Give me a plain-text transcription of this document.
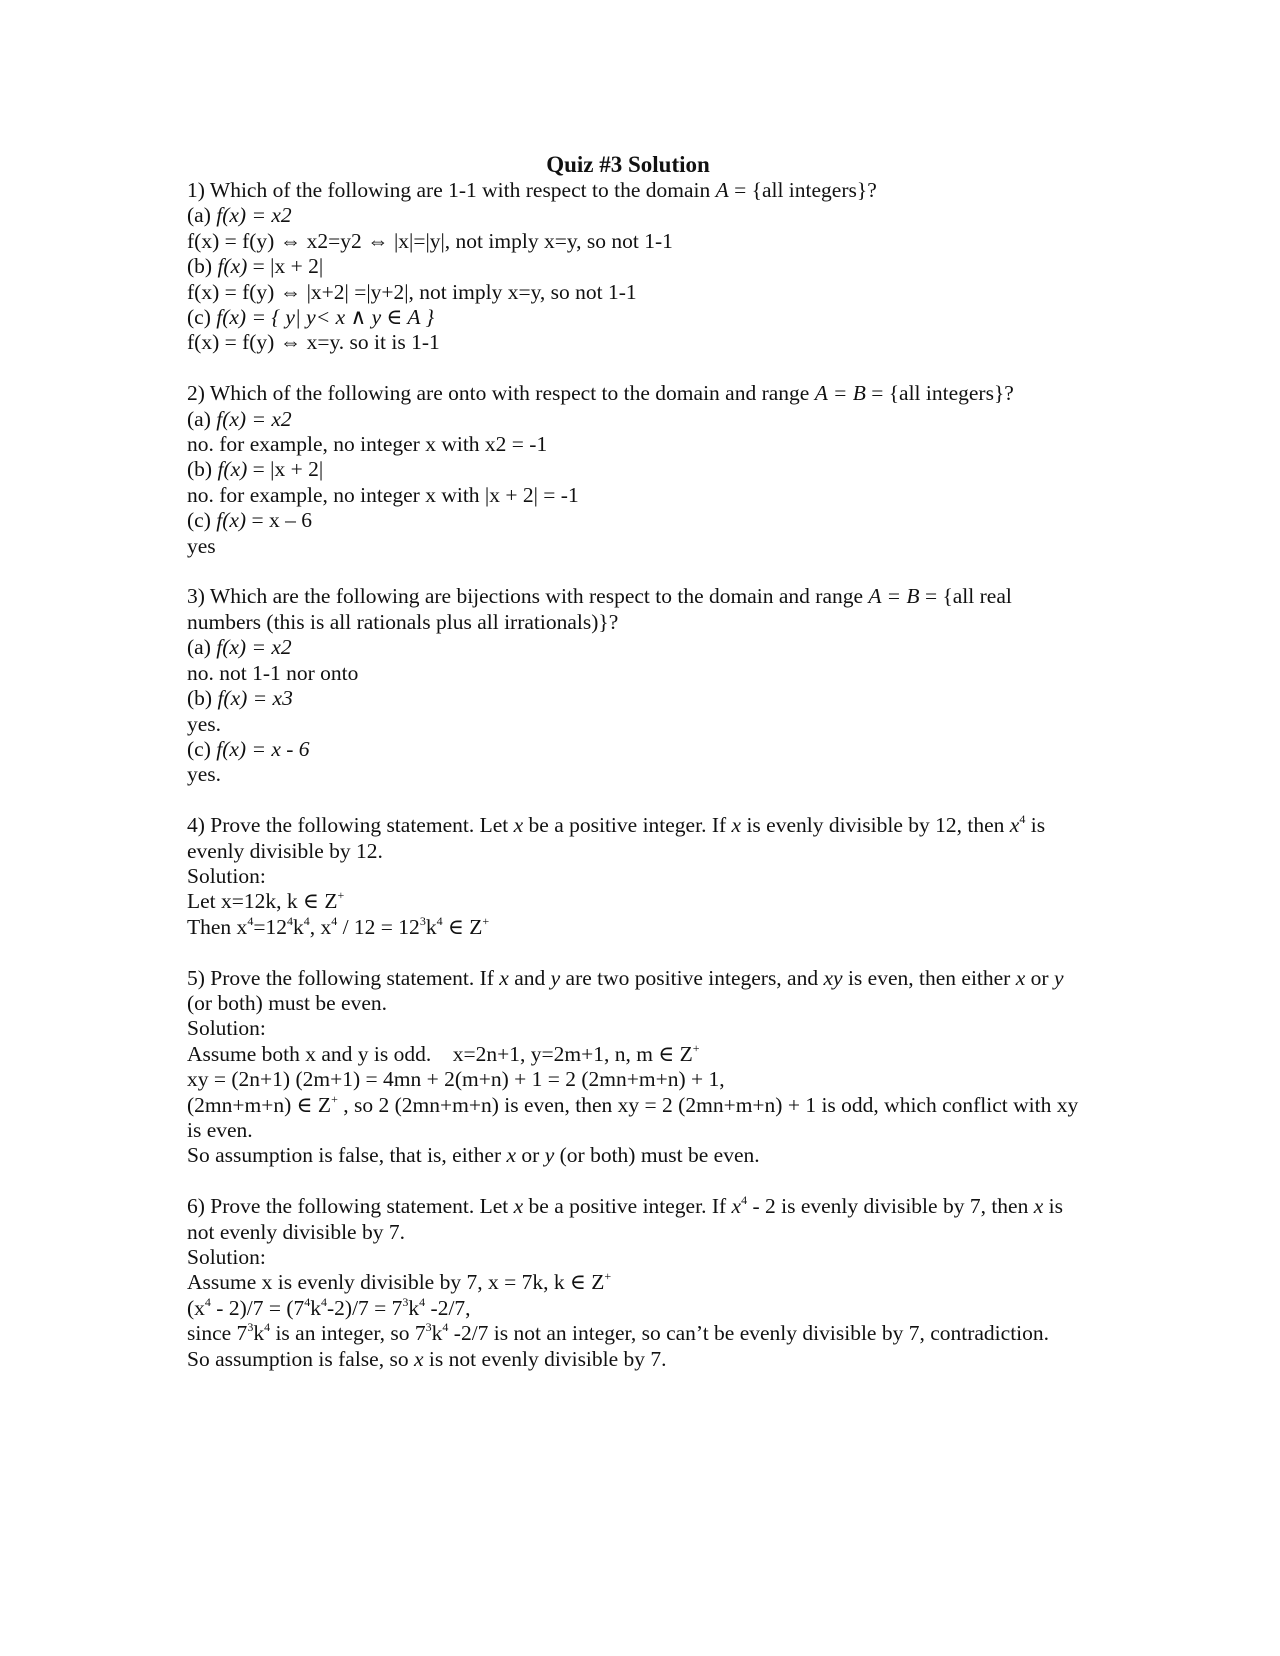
Quiz #3 Solution
1) Which of the following are 1-1 with respect to the domain A = {all integers}?
(a) f(x) = x2
f(x) = f(y) ⇔ x2=y2 ⇔ |x|=|y|, not imply x=y, so not 1-1
(b) f(x) = |x + 2|
f(x) = f(y) ⇔ |x+2| =|y+2|, not imply x=y, so not 1-1
(c) f(x) = { y| y< x ∧ y ∈ A }
f(x) = f(y) ⇔ x=y. so it is 1-1
2) Which of the following are onto with respect to the domain and range A = B = {all integers}?
(a) f(x) = x2
no. for example, no integer x with x2 = -1
(b) f(x) = |x + 2|
no. for example, no integer x with |x + 2| = -1
(c) f(x) = x – 6
yes
3) Which are the following are bijections with respect to the domain and range A = B = {all real numbers (this is all rationals plus all irrationals)}?
(a) f(x) = x2
no. not 1-1 nor onto
(b) f(x) = x3
yes.
(c) f(x) = x - 6
yes.
4) Prove the following statement. Let x be a positive integer. If x is evenly divisible by 12, then $x^4$ is evenly divisible by 12.
Solution:
Let x=12k, k ∈ Z+
Then $x^4=12^4k^4$, $x^4 / 12 = 12^3k^4$ ∈ Z+
5) Prove the following statement. If x and y are two positive integers, and xy is even, then either x or y (or both) must be even.
Solution:
Assume both x and y is odd.    x=2n+1, y=2m+1, n, m ∈ Z+
xy = (2n+1) (2m+1) = 4mn + 2(m+n) + 1 = 2 (2mn+m+n) + 1,
(2mn+m+n) ∈ Z+ , so 2 (2mn+m+n) is even, then xy = 2 (2mn+m+n) + 1 is odd, which conflict with xy is even.
So assumption is false, that is, either x or y (or both) must be even.
6) Prove the following statement. Let x be a positive integer. If $x^4 - 2$ is evenly divisible by 7, then x is not evenly divisible by 7.
Solution:
Assume x is evenly divisible by 7, x = 7k, k ∈ Z+
$(x^4 - 2)/7 = (7^4k^4-2)/7 = 7^3k^4$ -2/7,
since $7^3k^4$ is an integer, so $7^3k^4$ -2/7 is not an integer, so can’t be evenly divisible by 7, contradiction.
So assumption is false, so x is not evenly divisible by 7.
